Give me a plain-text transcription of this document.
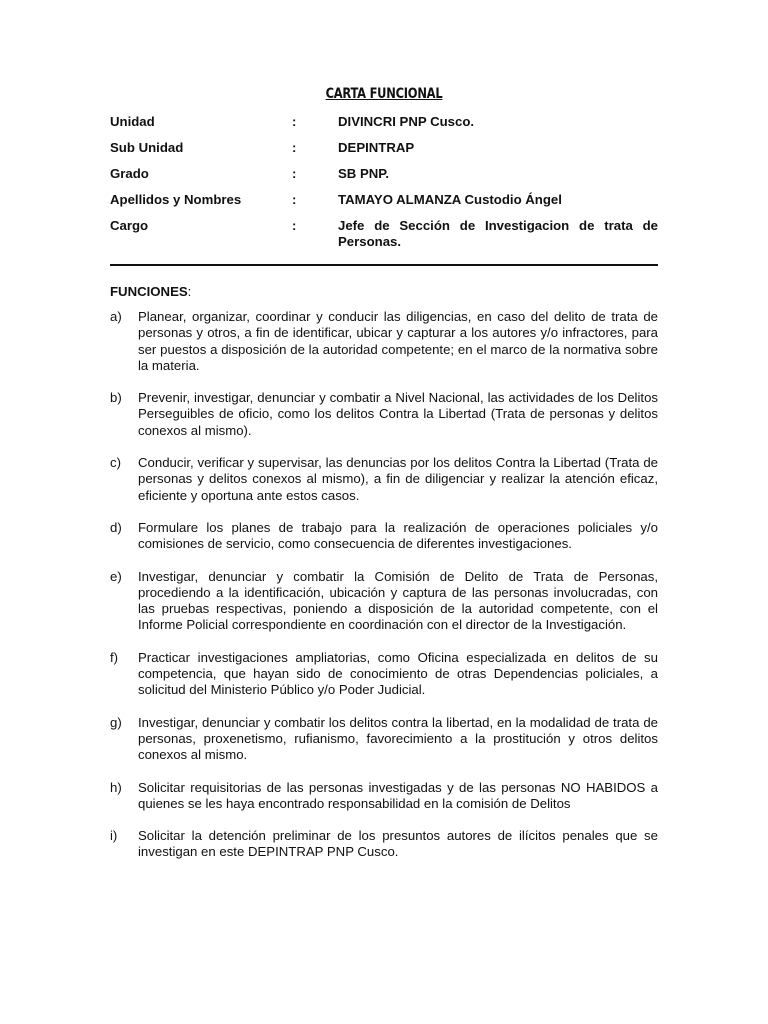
CARTA FUNCIONAL
Unidad	:	DIVINCRI PNP Cusco.
Sub Unidad	:	DEPINTRAP
Grado	:	SB PNP.
Apellidos y Nombres	:	TAMAYO ALMANZA Custodio Ángel
Cargo	:	Jefe de Sección de Investigacion de trata de Personas.
FUNCIONES:
a)	Planear, organizar, coordinar y conducir las diligencias, en caso del delito de trata de personas y otros, a fin de identificar, ubicar y capturar a los autores y/o infractores, para ser puestos a disposición de la autoridad competente; en el marco de la normativa sobre la materia.
b)	Prevenir, investigar, denunciar y combatir a Nivel Nacional, las actividades de los Delitos Perseguibles de oficio, como los delitos Contra la Libertad (Trata de personas y delitos conexos al mismo).
c)	Conducir, verificar y supervisar, las denuncias por los delitos Contra la Libertad (Trata de personas y delitos conexos al mismo), a fin de diligenciar y realizar la atención eficaz, eficiente y oportuna ante estos casos.
d)	Formulare los planes de trabajo para la realización de operaciones policiales y/o comisiones de servicio, como consecuencia de diferentes investigaciones.
e)	Investigar, denunciar y combatir la Comisión de Delito de Trata de Personas, procediendo a la identificación, ubicación y captura de las personas involucradas, con las pruebas respectivas, poniendo a disposición de la autoridad competente, con el Informe Policial correspondiente en coordinación con el director de la Investigación.
f)	Practicar investigaciones ampliatorias, como Oficina especializada en delitos de su competencia, que hayan sido de conocimiento de otras Dependencias policiales, a solicitud del Ministerio Público y/o Poder Judicial.
g)	Investigar, denunciar y combatir los delitos contra la libertad, en la modalidad de trata de personas, proxenetismo, rufianismo, favorecimiento a la prostitución y otros delitos conexos al mismo.
h)	Solicitar requisitorias de las personas investigadas y de las personas NO HABIDOS a quienes se les haya encontrado responsabilidad en la comisión de Delitos
i)	Solicitar la detención preliminar de los presuntos autores de ilícitos penales que se investigan en este DEPINTRAP PNP Cusco.
